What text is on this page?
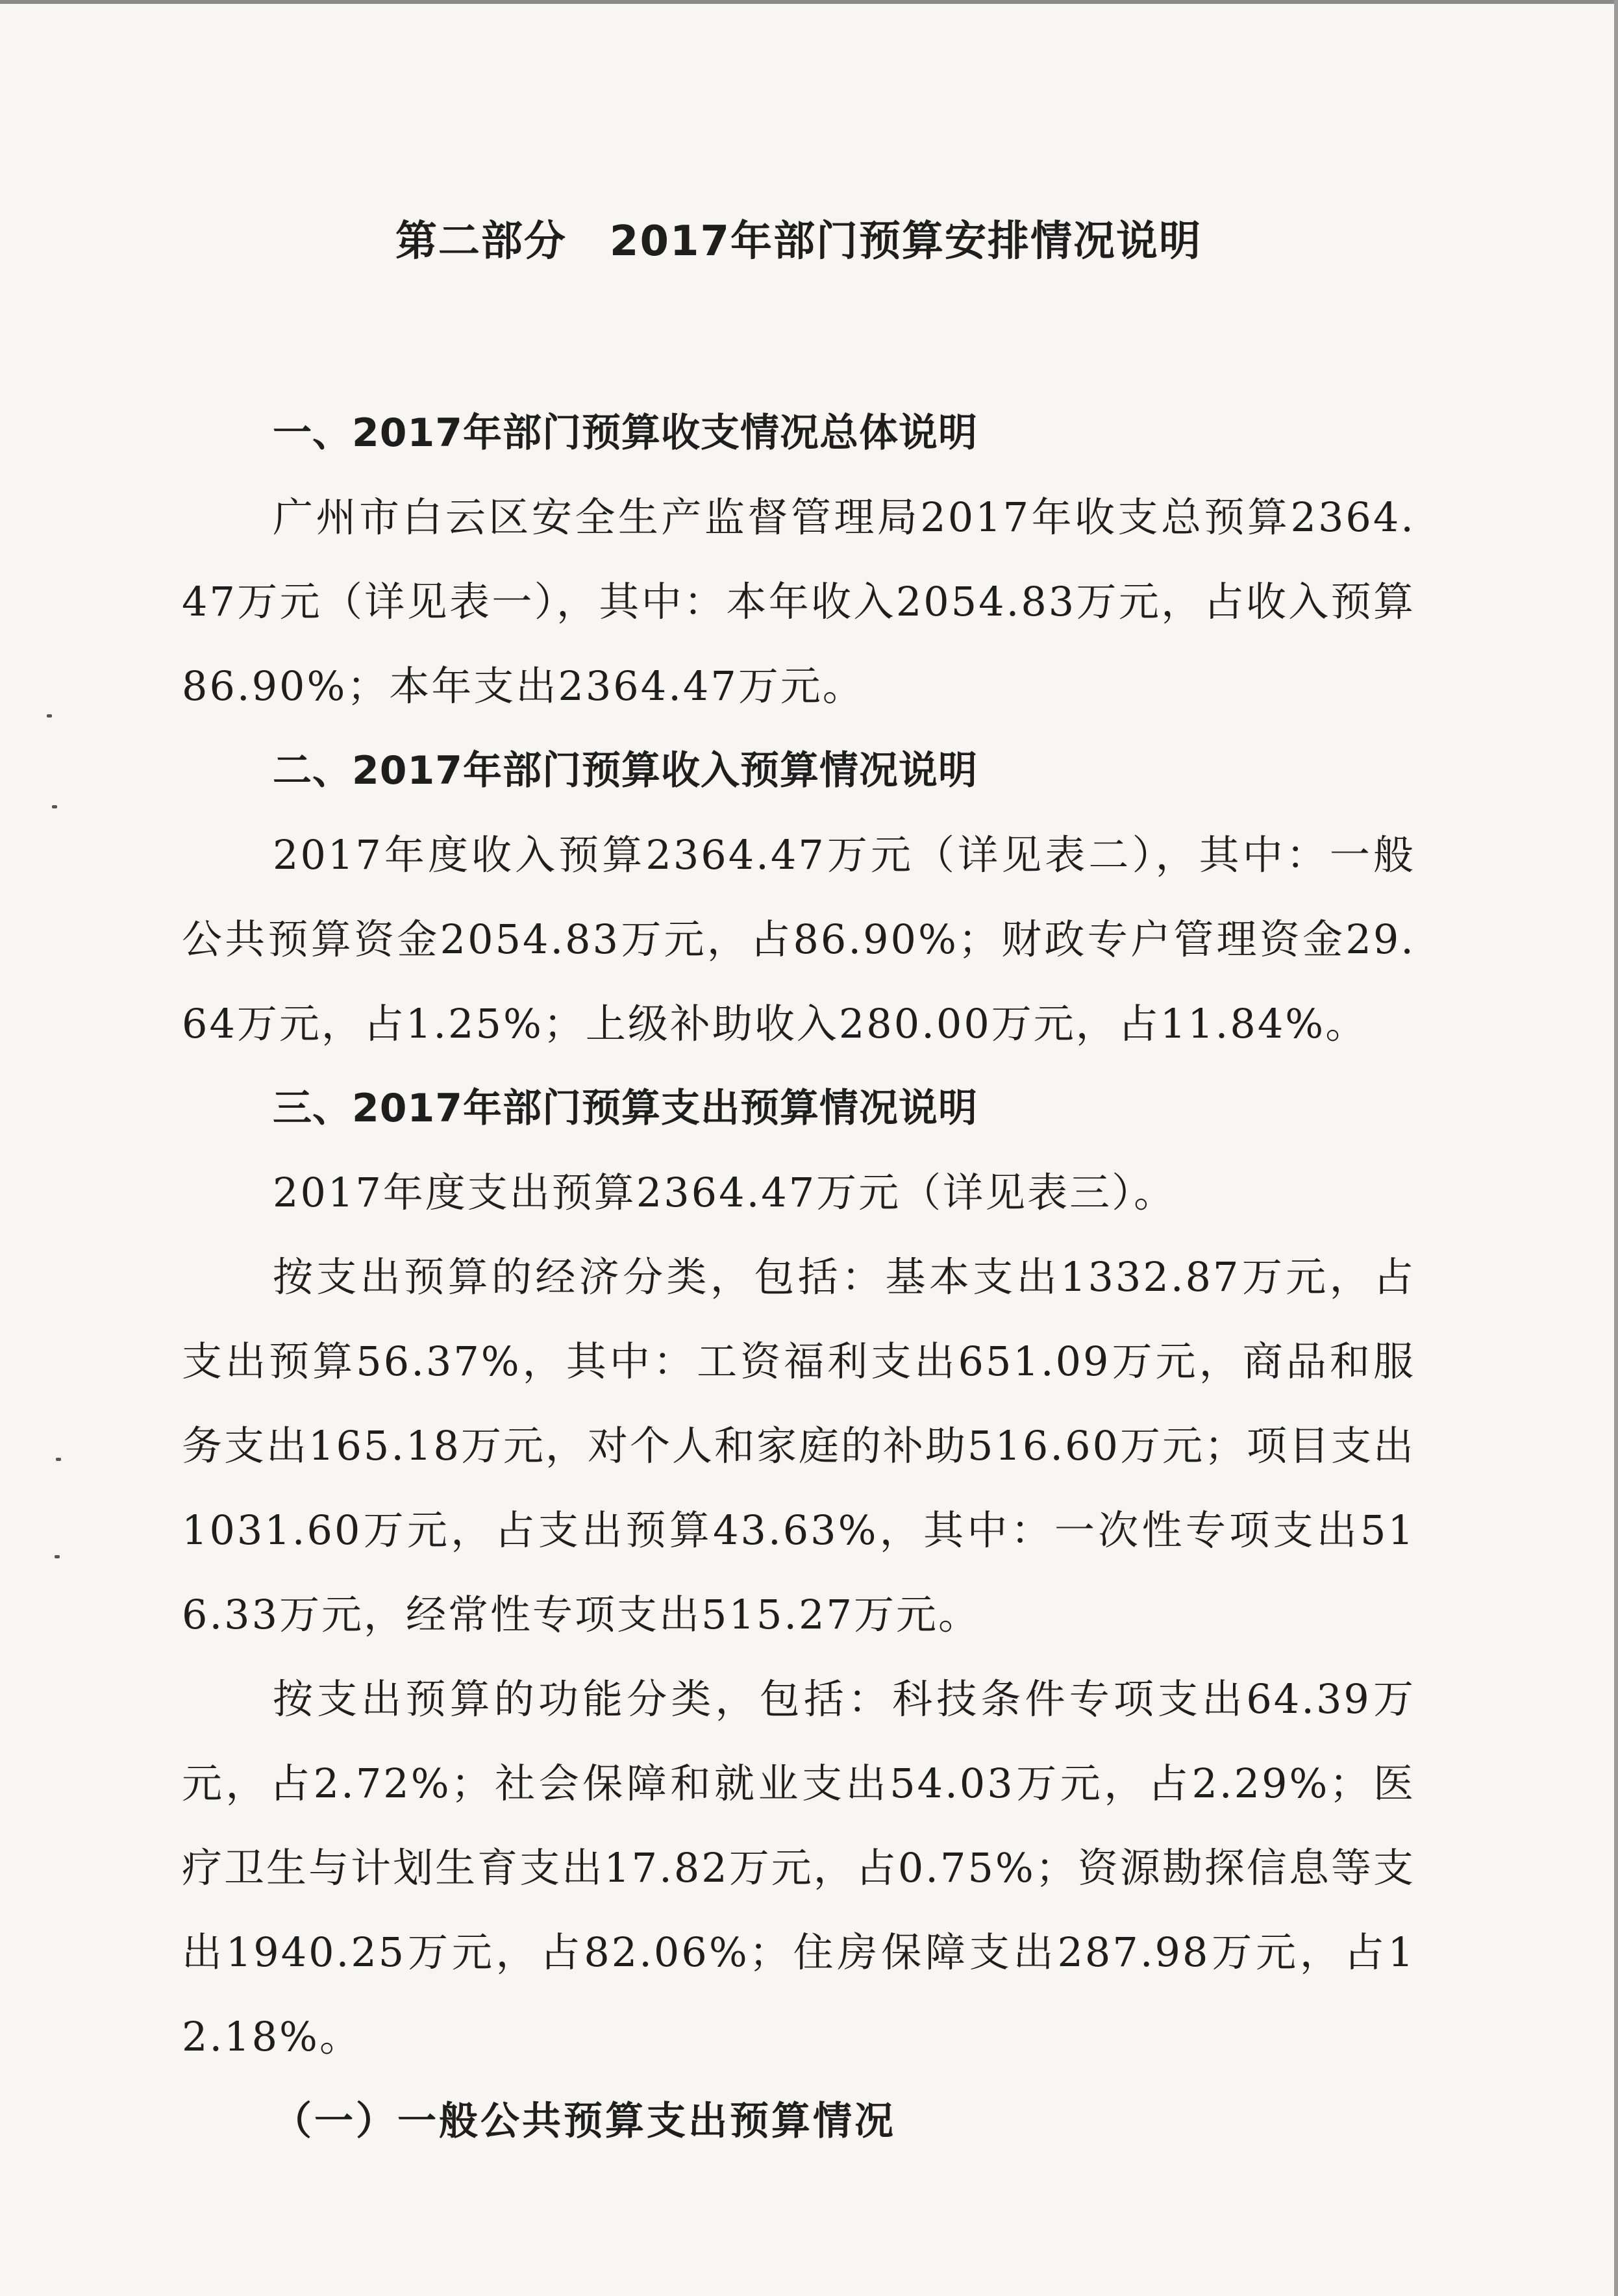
第二部分　2017年部门预算安排情况说明
一、2017年部门预算收支情况总体说明

广州市白云区安全生产监督管理局2017年收支总预算2364.47万元（详见表一），其中：本年收入2054.83万元，占收入预算86.90%；本年支出2364.47万元。

二、2017年部门预算收入预算情况说明

2017年度收入预算2364.47万元（详见表二），其中：一般公共预算资金2054.83万元，占86.90%；财政专户管理资金29.64万元，占1.25%；上级补助收入280.00万元，占11.84%。

三、2017年部门预算支出预算情况说明

2017年度支出预算2364.47万元（详见表三）。

按支出预算的经济分类，包括：基本支出1332.87万元，占支出预算56.37%，其中：工资福利支出651.09万元，商品和服务支出165.18万元，对个人和家庭的补助516.60万元；项目支出1031.60万元，占支出预算43.63%，其中：一次性专项支出516.33万元，经常性专项支出515.27万元。

按支出预算的功能分类，包括：科技条件专项支出64.39万元，占2.72%；社会保障和就业支出54.03万元，占2.29%；医疗卫生与计划生育支出17.82万元，占0.75%；资源勘探信息等支出1940.25万元，占82.06%；住房保障支出287.98万元，占12.18%。

（一）一般公共预算支出预算情况
